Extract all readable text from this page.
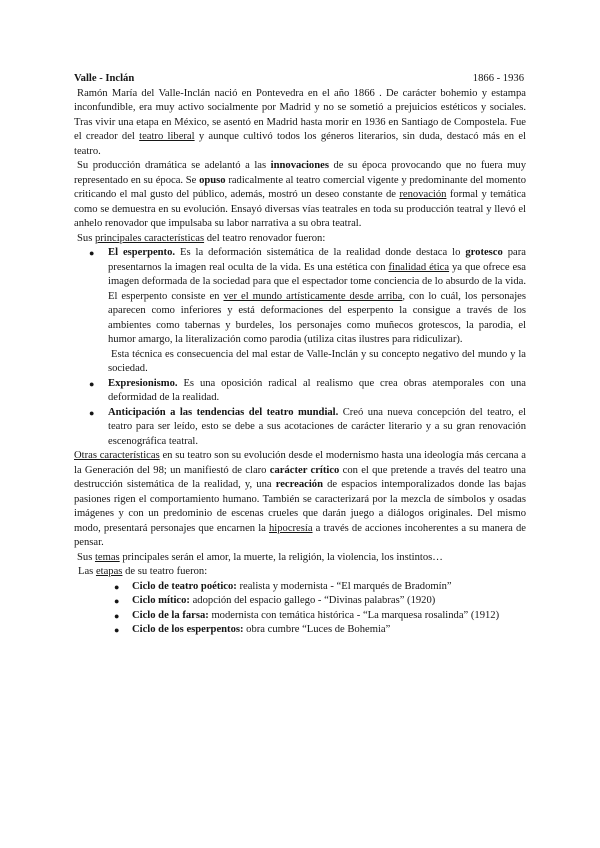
Valle - Inclán	1866 - 1936

Ramón María del Valle-Inclán nació en Pontevedra en el año 1866 . De carácter bohemio y estampa inconfundible, era muy activo socialmente por Madrid y no se sometió a prejuicios estéticos y sociales. Tras vivir una etapa en México, se asentó en Madrid hasta morir en 1936 en Santiago de Compostela. Fue el creador del teatro liberal y aunque cultivó todos los géneros literarios, sin duda, destacó más en el teatro.

Su producción dramática se adelantó a las innovaciones de su época provocando que no fuera muy representado en su época. Se opuso radicalmente al teatro comercial vigente y predominante del momento criticando el mal gusto del público, además, mostró un deseo constante de renovación formal y temática como se demuestra en su evolución. Ensayó diversas vías teatrales en toda su producción teatral y llevó el anhelo renovador que impulsaba su labor narrativa a su obra teatral.

Sus principales características del teatro renovador fueron:

● El esperpento. Es la deformación sistemática de la realidad donde destaca lo grotesco para presentarnos la imagen real oculta de la vida. Es una estética con finalidad ética ya que ofrece esa imagen deformada de la sociedad para que el espectador tome conciencia de lo absurdo de la vida. El esperpento consiste en ver el mundo artísticamente desde arriba, con lo cuál, los personajes aparecen como inferiores y está deformaciones del esperpento la consigue a través de los ambientes como tabernas y burdeles, los personajes como muñecos grotescos, la parodia, el humor amargo, la literalización como parodia (utiliza citas ilustres para ridiculizar).

Esta técnica es consecuencia del mal estar de Valle-Inclán y su concepto negativo del mundo y la sociedad.

● Expresionismo. Es una oposición radical al realismo que crea obras atemporales con una deformidad de la realidad.
● Anticipación a las tendencias del teatro mundial. Creó una nueva concepción del teatro, el teatro para ser leído, esto se debe a sus acotaciones de carácter literario y a su gran renovación escenográfica teatral.

Otras características en su teatro son su evolución desde el modernismo hasta una ideología más cercana a la Generación del 98; un manifiestó de claro carácter crítico con el que pretende a través del teatro una destrucción sistemática de la realidad, y, una recreación de espacios intemporalizados donde las bajas pasiones rigen el comportamiento humano. También se caracterizará por la mezcla de símbolos y osadas imágenes y con un predominio de escenas crueles que darán juego a diálogos originales. Del mismo modo, presentará personajes que encarnen la hipocresía a través de acciones incoherentes a su manera de pensar.

Sus temas principales serán el amor, la muerte, la religión, la violencia, los instintos…

Las etapas de su teatro fueron:

● Ciclo de teatro poético: realista y modernista - “El marqués de Bradomín”
● Ciclo mítico: adopción del espacio gallego - “Divinas palabras” (1920)
● Ciclo de la farsa: modernista con temática histórica - “La marquesa rosalinda” (1912)
● Ciclo de los esperpentos: obra cumbre “Luces de Bohemia”
